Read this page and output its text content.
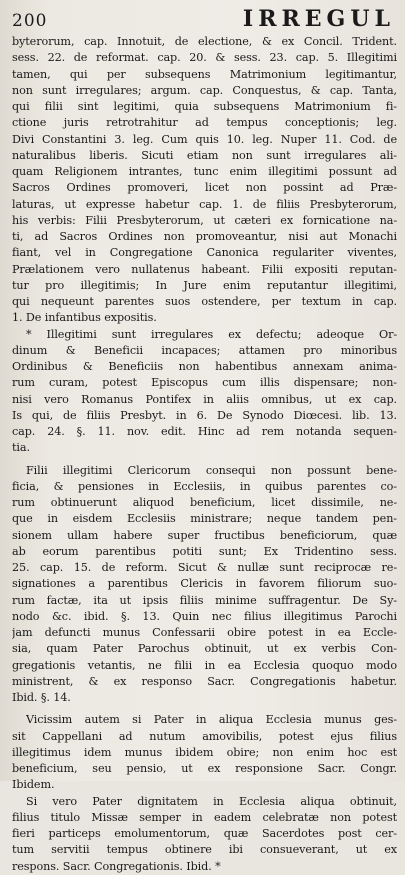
200	IRREGUL
byterorum, cap. Innotuit, de electione, & ex Concil. Trident.
sess. 22. de reformat. cap. 20. & sess. 23. cap. 5. Illegitimi
tamen, qui per subsequens Matrimonium legitimantur,
non sunt irregulares; argum. cap. Conquestus, & cap. Tanta,
qui filii sint legitimi, quia subsequens Matrimonium fi-
ctione juris retrotrahitur ad tempus conceptionis; leg.
Divi Constantini 3. leg. Cum quis 10. leg. Nuper 11. Cod. de
naturalibus liberis. Sicuti etiam non sunt irregulares ali-
quam Religionem intrantes, tunc enim illegitimi possunt ad
Sacros Ordines promoveri, licet non possint ad Præ-
laturas, ut expresse habetur cap. 1. de filiis Presbyterorum,
his verbis: Filii Presbyterorum, ut cæteri ex fornicatione na-
ti, ad Sacros Ordines non promoveantur, nisi aut Monachi
fiant, vel in Congregatione Canonica regulariter viventes,
Prælationem vero nullatenus habeant. Filii expositi reputan-
tur pro illegitimis; In Jure enim reputantur illegitimi,
qui nequeunt parentes suos ostendere, per textum in cap.
1. De infantibus expositis.
* Illegitimi sunt irregulares ex defectu; adeoque Or-
dinum & Beneficii incapaces; attamen pro minoribus
Ordinibus & Beneficiis non habentibus annexam anima-
rum curam, potest Episcopus cum illis dispensare; non-
nisi vero Romanus Pontifex in aliis omnibus, ut ex cap.
Is qui, de filiis Presbyt. in 6. De Synodo Diœcesi. lib. 13.
cap. 24. §. 11. nov. edit. Hinc ad rem notanda sequen-
tia.
Filii illegitimi Clericorum consequi non possunt bene-
ficia, & pensiones in Ecclesiis, in quibus parentes co-
rum obtinuerunt aliquod beneficium, licet dissimile, ne-
que in eisdem Ecclesiis ministrare; neque tandem pen-
sionem ullam habere super fructibus beneficiorum, quæ
ab eorum parentibus potiti sunt; Ex Tridentino sess.
25. cap. 15. de reform. Sicut & nullæ sunt reciprocæ re-
signationes a parentibus Clericis in favorem filiorum suo-
rum factæ, ita ut ipsis filiis minime suffragentur. De Sy-
nodo &c. ibid. §. 13. Quin nec filius illegitimus Parochi
jam defuncti munus Confessarii obire potest in ea Eccle-
sia, quam Pater Parochus obtinuit, ut ex verbis Con-
gregationis vetantis, ne filii in ea Ecclesia quoquo modo
ministrent, & ex responso Sacr. Congregationis habetur.
Ibid. §. 14.
Vicissim autem si Pater in aliqua Ecclesia munus ges-
sit Cappellani ad nutum amovibilis, potest ejus filius
illegitimus idem munus ibidem obire; non enim hoc est
beneficium, seu pensio, ut ex responsione Sacr. Congr.
Ibidem.
Si vero Pater dignitatem in Ecclesia aliqua obtinuit,
filius titulo Missæ semper in eadem celebratæ non potest
fieri particeps emolumentorum, quæ Sacerdotes post cer-
tum servitii tempus obtinere ibi consueverant, ut ex
respons. Sacr. Congregationis. Ibid. *
